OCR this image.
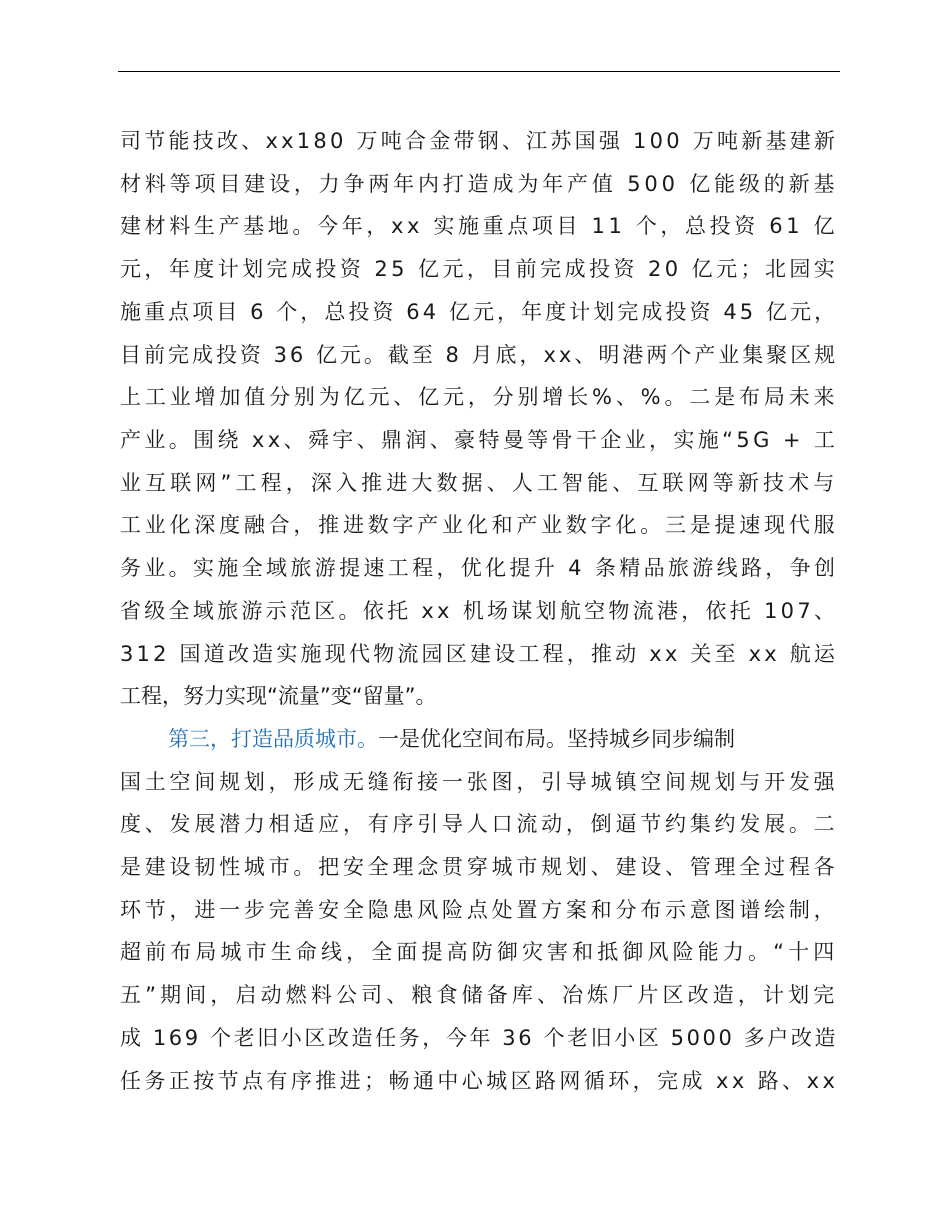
司节能技改、xx180 万吨合金带钢、江苏国强 100 万吨新基建新
材料等项目建设，力争两年内打造成为年产值 500 亿能级的新基
建材料生产基地。今年，xx 实施重点项目 11 个，总投资 61 亿
元，年度计划完成投资 25 亿元，目前完成投资 20 亿元；北园实
施重点项目 6 个，总投资 64 亿元，年度计划完成投资 45 亿元，
目前完成投资 36 亿元。截至 8 月底，xx、明港两个产业集聚区规
上工业增加值分别为亿元、亿元，分别增长%、%。二是布局未来
产业。围绕 xx、舜宇、鼎润、豪特曼等骨干企业，实施“5G + 工
业互联网”工程，深入推进大数据、人工智能、互联网等新技术与
工业化深度融合，推进数字产业化和产业数字化。三是提速现代服
务业。实施全域旅游提速工程，优化提升 4 条精品旅游线路，争创
省级全域旅游示范区。依托 xx 机场谋划航空物流港，依托 107、
312 国道改造实施现代物流园区建设工程，推动 xx 关至 xx 航运
工程，努力实现“流量”变“留量”。
第三，打造品质城市。 一是优化空间布局。坚持城乡同步编制
国土空间规划，形成无缝衔接一张图，引导城镇空间规划与开发强
度、发展潜力相适应，有序引导人口流动，倒逼节约集约发展。二
是建设韧性城市。把安全理念贯穿城市规划、建设、管理全过程各
环节，进一步完善安全隐患风险点处置方案和分布示意图谱绘制，
超前布局城市生命线，全面提高防御灾害和抵御风险能力。“十四
五”期间，启动燃料公司、粮食储备库、冶炼厂片区改造，计划完
成 169 个老旧小区改造任务，今年 36 个老旧小区 5000 多户改造
任务正按节点有序推进；畅通中心城区路网循环，完成 xx 路、xx
